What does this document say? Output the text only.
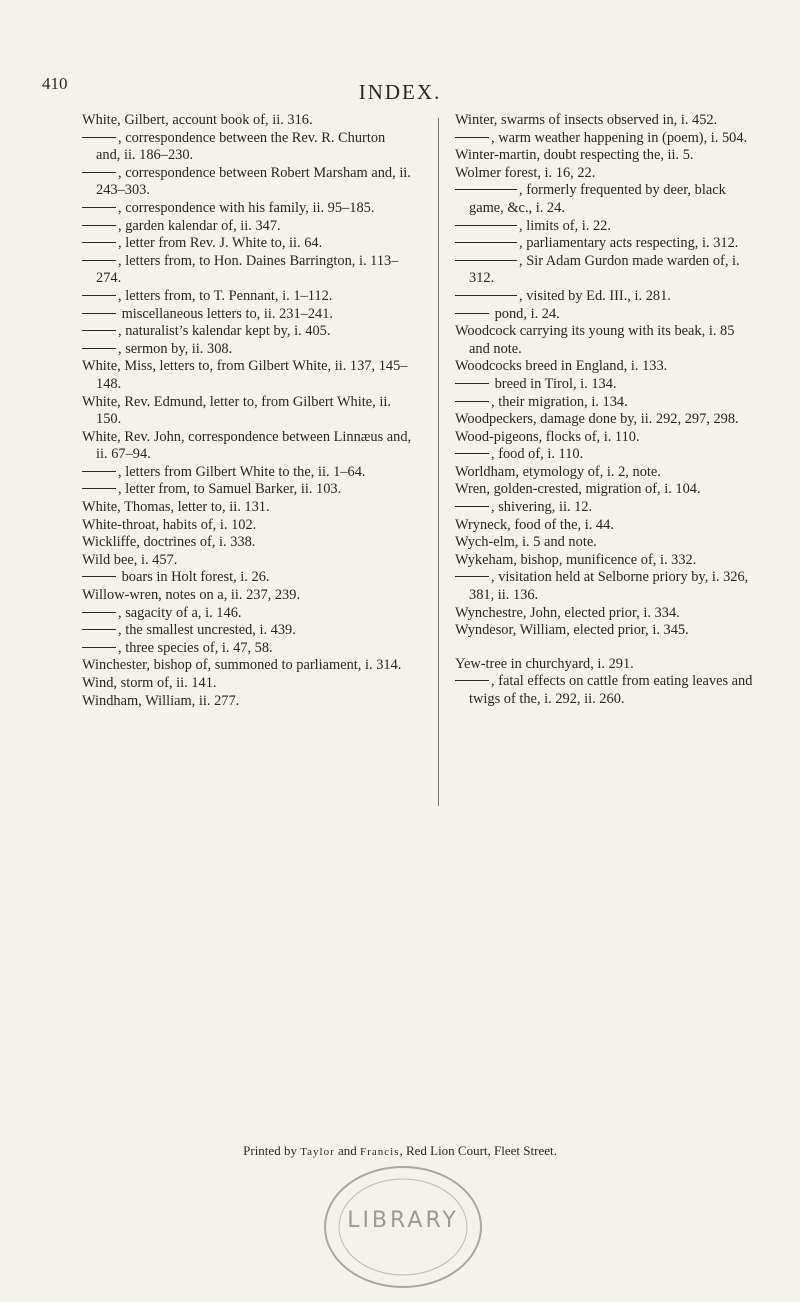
410	INDEX.

White, Gilbert, account book of, ii. 316.

, correspondence between the Rev. R. Churton and, ii. 186–230.

, correspondence between Robert Marsham and, ii. 243–303.

, correspondence with his family, ii. 95–185.

, garden kalendar of, ii. 347.

, letter from Rev. J. White to, ii. 64.

, letters from, to Hon. Daines Barrington, i. 113–274.

, letters from, to T. Pennant, i. 1–112.

miscellaneous letters to, ii. 231–241.

, naturalist’s kalendar kept by, i. 405.

, sermon by, ii. 308.

White, Miss, letters to, from Gilbert White, ii. 137, 145–148.

White, Rev. Edmund, letter to, from Gilbert White, ii. 150.

White, Rev. John, correspondence between Linnæus and, ii. 67–94.

, letters from Gilbert White to the, ii. 1–64.

, letter from, to Samuel Barker, ii. 103.

White, Thomas, letter to, ii. 131.

White-throat, habits of, i. 102.

Wickliffe, doctrines of, i. 338.

Wild bee, i. 457.

boars in Holt forest, i. 26.

Willow-wren, notes on a, ii. 237, 239.

, sagacity of a, i. 146.

, the smallest uncrested, i. 439.

, three species of, i. 47, 58.

Winchester, bishop of, summoned to parliament, i. 314.

Wind, storm of, ii. 141.

Windham, William, ii. 277.

Winter, swarms of insects observed in, i. 452.

, warm weather happening in (poem), i. 504.

Winter-martin, doubt respecting the, ii. 5.

Wolmer forest, i. 16, 22.

, formerly frequented by deer, black game, &c., i. 24.

, limits of, i. 22.

, parliamentary acts respecting, i. 312.

, Sir Adam Gurdon made warden of, i. 312.

, visited by Ed. III., i. 281.

pond, i. 24.

Woodcock carrying its young with its beak, i. 85 and note.

Woodcocks breed in England, i. 133.

breed in Tirol, i. 134.

, their migration, i. 134.

Woodpeckers, damage done by, ii. 292, 297, 298.

Wood-pigeons, flocks of, i. 110.

, food of, i. 110.

Worldham, etymology of, i. 2, note.

Wren, golden-crested, migration of, i. 104.

, shivering, ii. 12.

Wryneck, food of the, i. 44.

Wych-elm, i. 5 and note.

Wykeham, bishop, munificence of, i. 332.

, visitation held at Selborne priory by, i. 326, 381, ii. 136.

Wynchestre, John, elected prior, i. 334.

Wyndesor, William, elected prior, i. 345.

Yew-tree in churchyard, i. 291.

, fatal effects on cattle from eating leaves and twigs of the, i. 292, ii. 260.

Printed by Taylor and Francis, Red Lion Court, Fleet Street.
LIBRARY
